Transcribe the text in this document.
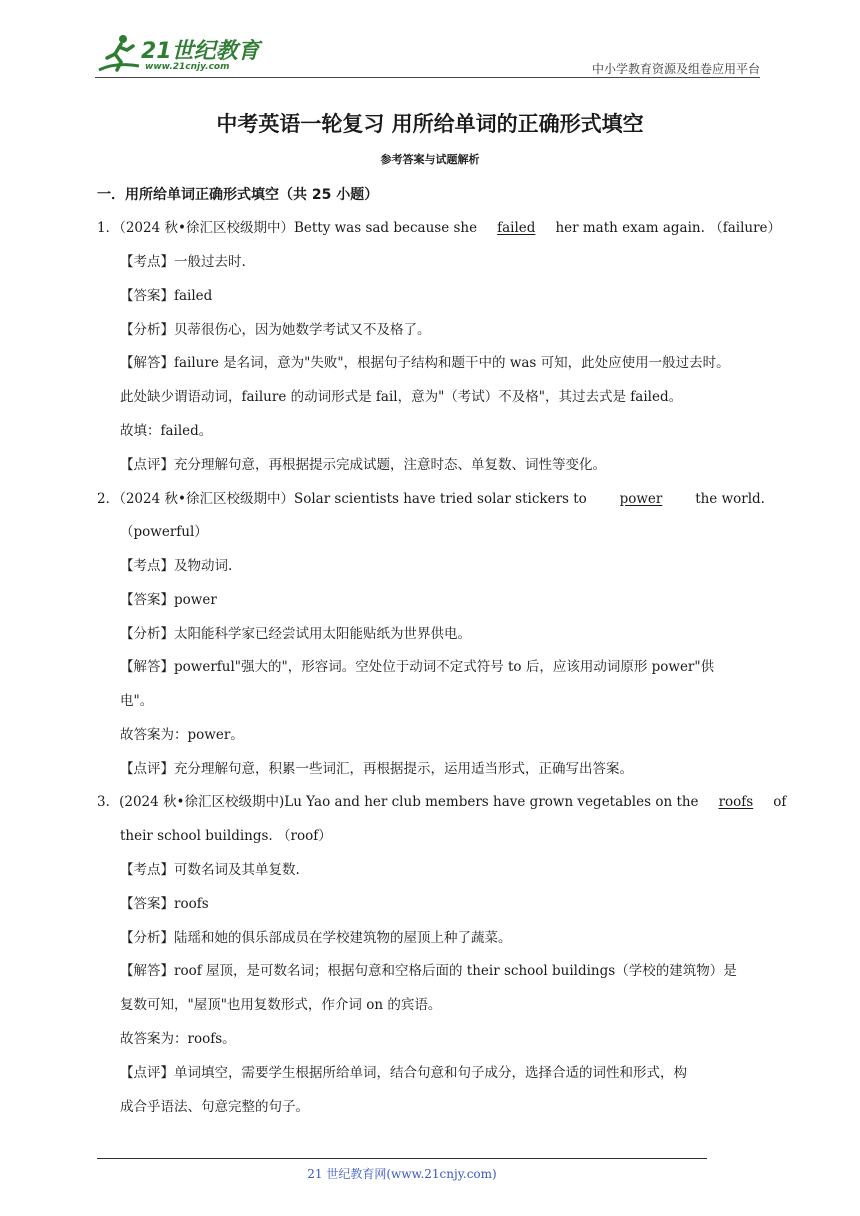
21世纪教育
www.21cnjy.com	中小学教育资源及组卷应用平台
中考英语一轮复习 用所给单词的正确形式填空
参考答案与试题解析
一．用所给单词正确形式填空（共 25 小题）
1．（2024 秋•徐汇区校级期中）Betty was sad because she	failed	her math exam again. （failure）
【考点】一般过去时.
【答案】failed
【分析】贝蒂很伤心，因为她数学考试又不及格了。
【解答】failure 是名词，意为"失败"，根据句子结构和题干中的 was 可知，此处应使用一般过去时。
此处缺少谓语动词，failure 的动词形式是 fail，意为"（考试）不及格"，其过去式是 failed。
故填：failed。
【点评】充分理解句意，再根据提示完成试题，注意时态、单复数、词性等变化。
2．（2024 秋•徐汇区校级期中）Solar scientists have tried solar stickers to	power	the world.
（powerful）
【考点】及物动词.
【答案】power
【分析】太阳能科学家已经尝试用太阳能贴纸为世界供电。
【解答】powerful"强大的"，形容词。空处位于动词不定式符号 to 后，应该用动词原形 power"供
电"。
故答案为：power。
【点评】充分理解句意，积累一些词汇，再根据提示，运用适当形式，正确写出答案。
3．(2024 秋•徐汇区校级期中)Lu Yao and her club members have grown vegetables on the	roofs	of
their school buildings. （roof）
【考点】可数名词及其单复数.
【答案】roofs
【分析】陆瑶和她的俱乐部成员在学校建筑物的屋顶上种了蔬菜。
【解答】roof 屋顶，是可数名词；根据句意和空格后面的 their school buildings（学校的建筑物）是
复数可知，"屋顶"也用复数形式，作介词 on 的宾语。
故答案为：roofs。
【点评】单词填空，需要学生根据所给单词，结合句意和句子成分，选择合适的词性和形式，构
成合乎语法、句意完整的句子。
21 世纪教育网(www.21cnjy.com)
